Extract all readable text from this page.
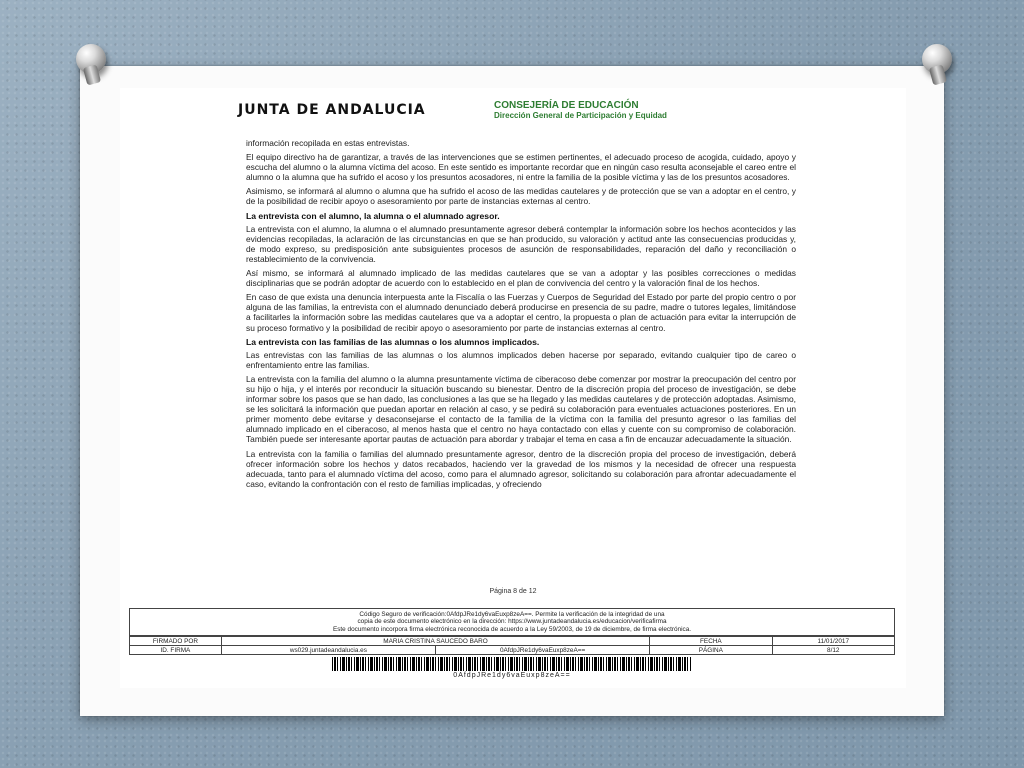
JUNTA DE ANDALUCIA	CONSEJERÍA DE EDUCACIÓN
Dirección General de Participación y Equidad

información recopilada en estas entrevistas.

El equipo directivo ha de garantizar, a través de las intervenciones que se estimen pertinentes, el adecuado proceso de acogida, cuidado, apoyo y escucha del alumno o la alumna víctima del acoso. En este sentido es importante recordar que en ningún caso resulta aconsejable el careo entre el alumno o la alumna que ha sufrido el acoso y los presuntos acosadores, ni entre la familia de la posible víctima y las de los presuntos acosadores.

Asimismo, se informará al alumno o alumna que ha sufrido el acoso de las medidas cautelares y de protección que se van a adoptar en el centro, y de la posibilidad de recibir apoyo o asesoramiento por parte de instancias externas al centro.

La entrevista con el alumno, la alumna o el alumnado agresor.

La entrevista con el alumno, la alumna o el alumnado presuntamente agresor deberá contemplar la información sobre los hechos acontecidos y las evidencias recopiladas, la aclaración de las circunstancias en que se han producido, su valoración y actitud ante las consecuencias producidas y, de modo expreso, su predisposición ante subsiguientes procesos de asunción de responsabilidades, reparación del daño y reconciliación o restablecimiento de la convivencia.

Así mismo, se informará al alumnado implicado de las medidas cautelares que se van a adoptar y las posibles correcciones o medidas disciplinarias que se podrán adoptar de acuerdo con lo establecido en el plan de convivencia del centro y la valoración final de los hechos.

En caso de que exista una denuncia interpuesta ante la Fiscalía o las Fuerzas y Cuerpos de Seguridad del Estado por parte del propio centro o por alguna de las familias, la entrevista con el alumnado denunciado deberá producirse en presencia de su padre, madre o tutores legales, limitándose a facilitarles la información sobre las medidas cautelares que va a adoptar el centro, la propuesta o plan de actuación para evitar la interrupción de su proceso formativo y la posibilidad de recibir apoyo o asesoramiento por parte de instancias externas al centro.

La entrevista con las familias de las alumnas o los alumnos implicados.

Las entrevistas con las familias de las alumnas o los alumnos implicados deben hacerse por separado, evitando cualquier tipo de careo o enfrentamiento entre las familias.

La entrevista con la familia del alumno o la alumna presuntamente víctima de ciberacoso debe comenzar por mostrar la preocupación del centro por su hijo o hija, y el interés por reconducir la situación buscando su bienestar. Dentro de la discreción propia del proceso de investigación, se debe informar sobre los pasos que se han dado, las conclusiones a las que se ha llegado y las medidas cautelares y de protección adoptadas. Asimismo, se les solicitará la información que puedan aportar en relación al caso, y se pedirá su colaboración para eventuales actuaciones posteriores. En un primer momento debe evitarse y desaconsejarse el contacto de la familia de la víctima con la familia del presunto agresor o las familias del alumnado implicado en el ciberacoso, al menos hasta que el centro no haya contactado con ellas y cuente con su compromiso de colaboración. También puede ser interesante aportar pautas de actuación para abordar y trabajar el tema en casa a fin de encauzar adecuadamente la situación.

La entrevista con la familia o familias del alumnado presuntamente agresor, dentro de la discreción propia del proceso de investigación, deberá ofrecer información sobre los hechos y datos recabados, haciendo ver la gravedad de los mismos y la necesidad de ofrecer una respuesta adecuada, tanto para el alumnado víctima del acoso, como para el alumnado agresor, solicitando su colaboración para afrontar adecuadamente el caso, evitando la confrontación con el resto de familias implicadas, y ofreciendo

Página 8 de 12
Código Seguro de verificación:0AfdpJRe1dy6vaEuxp8zeA==. Permite la verificación de la integridad de una
copia de este documento electrónico en la dirección: https://www.juntadeandalucia.es/educacion/verificafirma
Este documento incorpora firma electrónica reconocida de acuerdo a la Ley 59/2003, de 19 de diciembre, de firma electrónica.
FIRMADO POR	MARIA CRISTINA SAUCEDO BARO		FECHA	11/01/2017
ID. FIRMA	ws029.juntadeandalucia.es	0AfdpJRe1dy6vaEuxp8zeA==	PÁGINA	8/12
0AfdpJRe1dy6vaEuxp8zeA==
